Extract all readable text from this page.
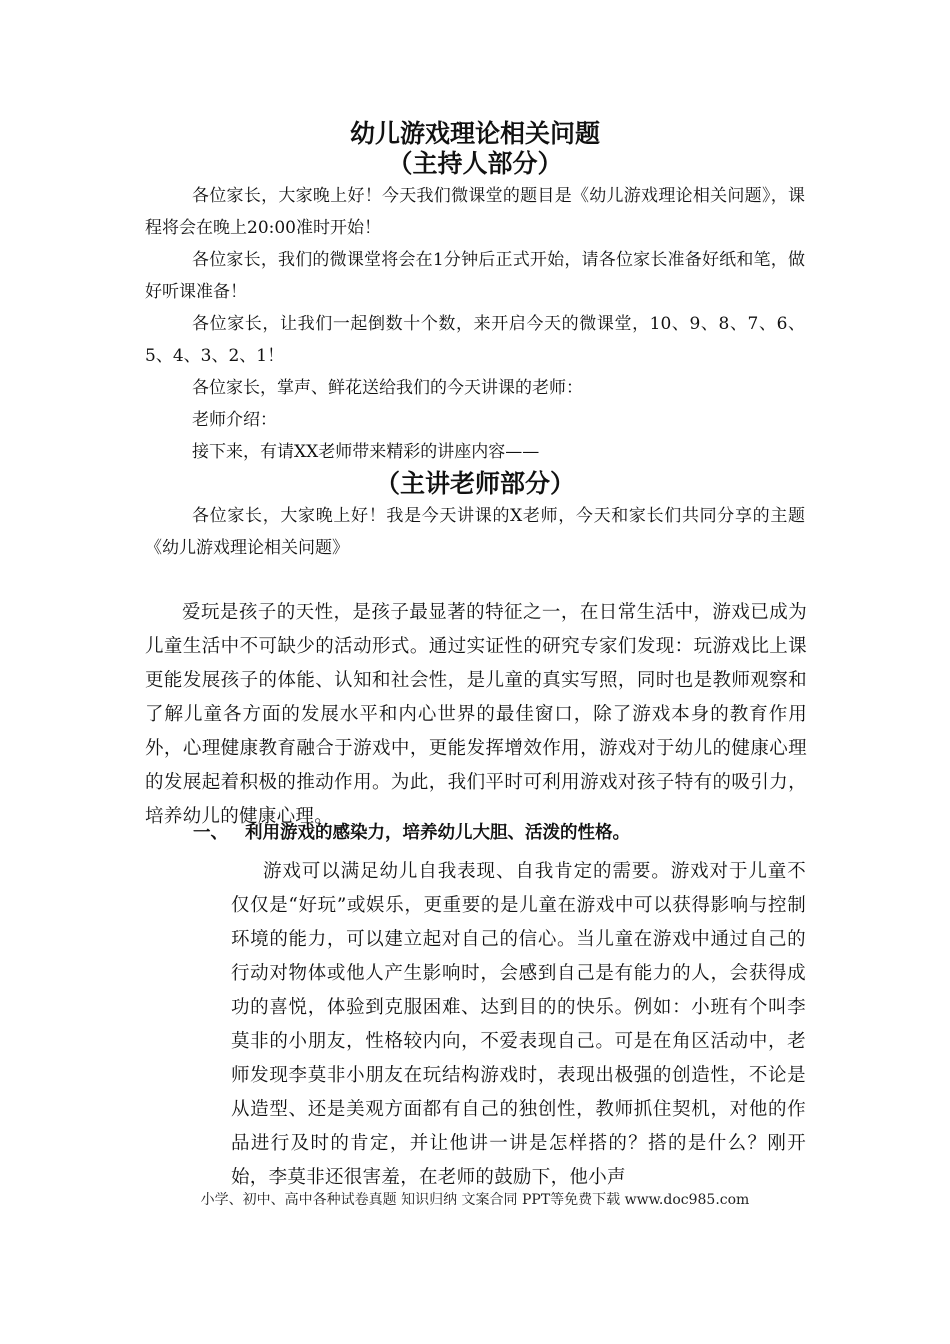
幼儿游戏理论相关问题
（主持人部分）

各位家长，大家晚上好！今天我们微课堂的题目是《幼儿游戏理论相关问题》，课程将会在晚上20:00准时开始！

各位家长，我们的微课堂将会在1分钟后正式开始，请各位家长准备好纸和笔，做好听课准备！

各位家长，让我们一起倒数十个数，来开启今天的微课堂，10、9、8、7、6、5、4、3、2、1！

各位家长，掌声、鲜花送给我们的今天讲课的老师：

老师介绍：

接下来，有请XX老师带来精彩的讲座内容——

（主讲老师部分）

各位家长，大家晚上好！我是今天讲课的X老师，今天和家长们共同分享的主题《幼儿游戏理论相关问题》

爱玩是孩子的天性，是孩子最显著的特征之一，在日常生活中，游戏已成为儿童生活中不可缺少的活动形式。通过实证性的研究专家们发现：玩游戏比上课更能发展孩子的体能、认知和社会性，是儿童的真实写照，同时也是教师观察和了解儿童各方面的发展水平和内心世界的最佳窗口，除了游戏本身的教育作用外，心理健康教育融合于游戏中，更能发挥增效作用，游戏对于幼儿的健康心理的发展起着积极的推动作用。为此，我们平时可利用游戏对孩子特有的吸引力，培养幼儿的健康心理。

一、 利用游戏的感染力，培养幼儿大胆、活泼的性格。

游戏可以满足幼儿自我表现、自我肯定的需要。游戏对于儿童不仅仅是“好玩”或娱乐，更重要的是儿童在游戏中可以获得影响与控制环境的能力，可以建立起对自己的信心。当儿童在游戏中通过自己的行动对物体或他人产生影响时，会感到自己是有能力的人，会获得成功的喜悦，体验到克服困难、达到目的的快乐。例如：小班有个叫李莫非的小朋友，性格较内向，不爱表现自己。可是在角区活动中，老师发现李莫非小朋友在玩结构游戏时，表现出极强的创造性，不论是从造型、还是美观方面都有自己的独创性，教师抓住契机，对他的作品进行及时的肯定，并让他讲一讲是怎样搭的？搭的是什么？刚开始，李莫非还很害羞，在老师的鼓励下，他小声

小学、初中、高中各种试卷真题 知识归纳 文案合同 PPT等免费下载 www.doc985.com
